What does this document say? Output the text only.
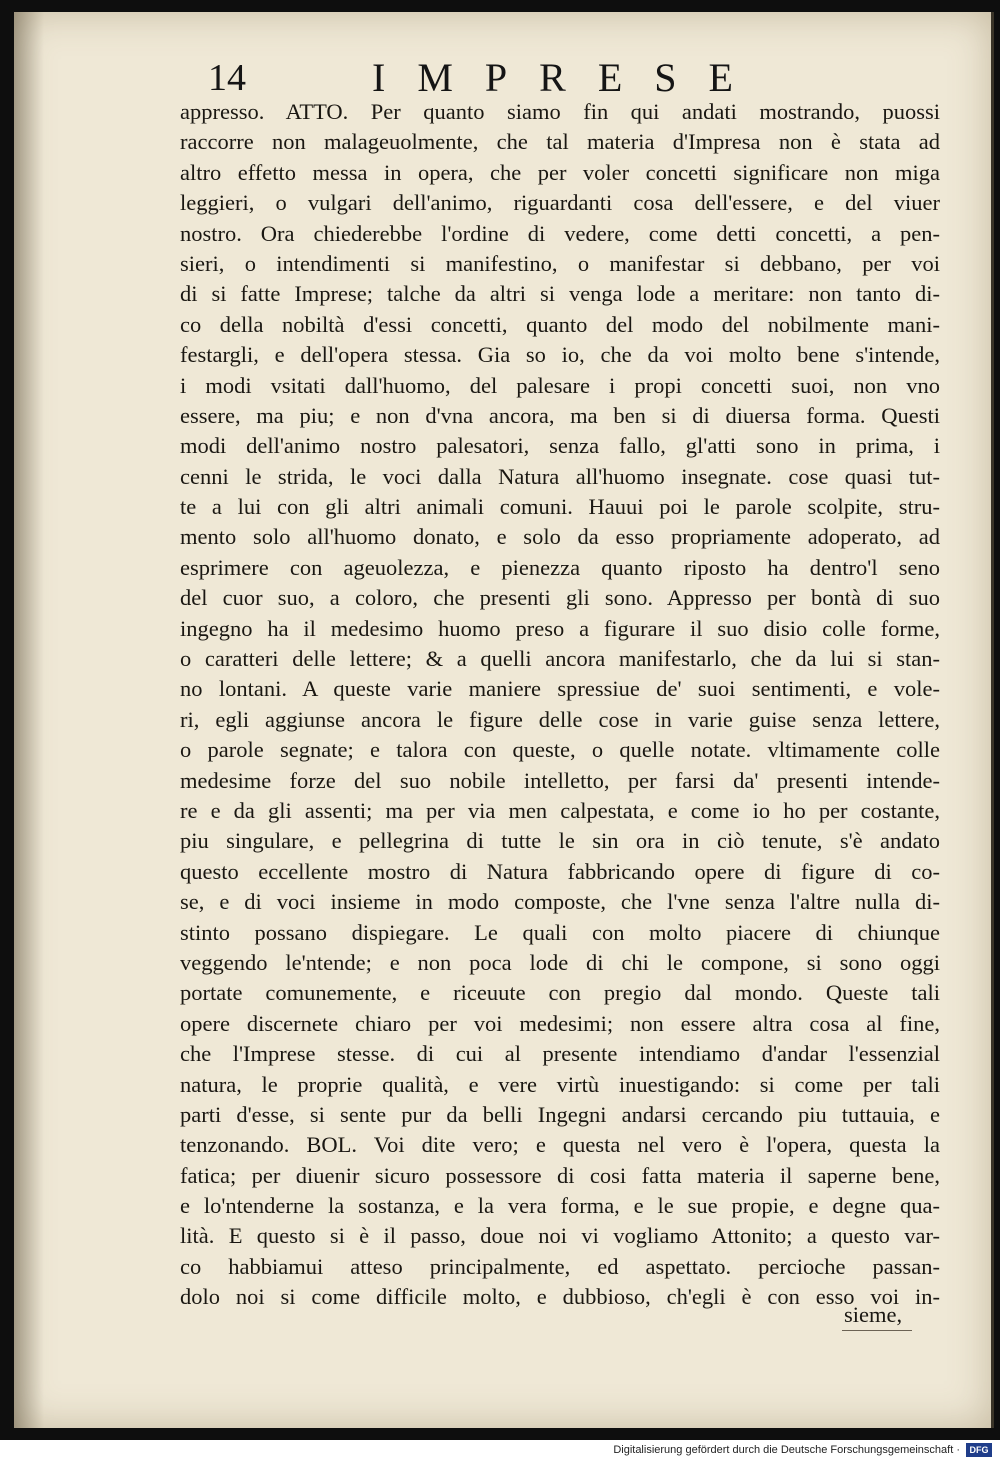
14	IMPRESE
appresso. ATTO. Per quanto siamo fin qui andati mostrando, puossi
raccorre non malageuolmente, che tal materia d'Impresa non è stata ad
altro effetto messa in opera, che per voler concetti significare non miga
leggieri, o vulgari dell'animo, riguardanti cosa dell'essere, e del viuer
nostro. Ora chiederebbe l'ordine di vedere, come detti concetti, a pen-
sieri, o intendimenti si manifestino, o manifestar si debbano, per voi
di si fatte Imprese; talche da altri si venga lode a meritare: non tanto di-
co della nobiltà d'essi concetti, quanto del modo del nobilmente mani-
festargli, e dell'opera stessa. Gia so io, che da voi molto bene s'intende,
i modi vsitati dall'huomo, del palesare i propi concetti suoi, non vno
essere, ma piu; e non d'vna ancora, ma ben si di diuersa forma. Questi
modi dell'animo nostro palesatori, senza fallo, gl'atti sono in prima, i
cenni le strida, le voci dalla Natura all'huomo insegnate. cose quasi tut-
te a lui con gli altri animali comuni. Hauui poi le parole scolpite, stru-
mento solo all'huomo donato, e solo da esso propriamente adoperato, ad
esprimere con ageuolezza, e pienezza quanto riposto ha dentro'l seno
del cuor suo, a coloro, che presenti gli sono. Appresso per bontà di suo
ingegno ha il medesimo huomo preso a figurare il suo disio colle forme,
o caratteri delle lettere; & a quelli ancora manifestarlo, che da lui si stan-
no lontani. A queste varie maniere spressiue de' suoi sentimenti, e vole-
ri, egli aggiunse ancora le figure delle cose in varie guise senza lettere,
o parole segnate; e talora con queste, o quelle notate. vltimamente colle
medesime forze del suo nobile intelletto, per farsi da' presenti intende-
re e da gli assenti; ma per via men calpestata, e come io ho per costante,
piu singulare, e pellegrina di tutte le sin ora in ciò tenute, s'è andato
questo eccellente mostro di Natura fabbricando opere di figure di co-
se, e di voci insieme in modo composte, che l'vne senza l'altre nulla di-
stinto possano dispiegare. Le quali con molto piacere di chiunque
veggendo le'ntende; e non poca lode di chi le compone, si sono oggi
portate comunemente, e riceuute con pregio dal mondo. Queste tali
opere discernete chiaro per voi medesimi; non essere altra cosa al fine,
che l'Imprese stesse. di cui al presente intendiamo d'andar l'essenzial
natura, le proprie qualità, e vere virtù inuestigando: si come per tali
parti d'esse, si sente pur da belli Ingegni andarsi cercando piu tuttauia, e
tenzonando. BOL. Voi dite vero; e questa nel vero è l'opera, questa la
fatica; per diuenir sicuro possessore di cosi fatta materia il saperne bene,
e lo'ntenderne la sostanza, e la vera forma, e le sue propie, e degne qua-
lità. E questo si è il passo, doue noi vi vogliamo Attonito; a questo var-
co habbiamui atteso principalmente, ed aspettato. percioche passan-
dolo noi si come difficile molto, e dubbioso, ch'egli è con esso voi in-
sieme,
Digitalisierung gefördert durch die Deutsche Forschungsgemeinschaft ·	DFG
